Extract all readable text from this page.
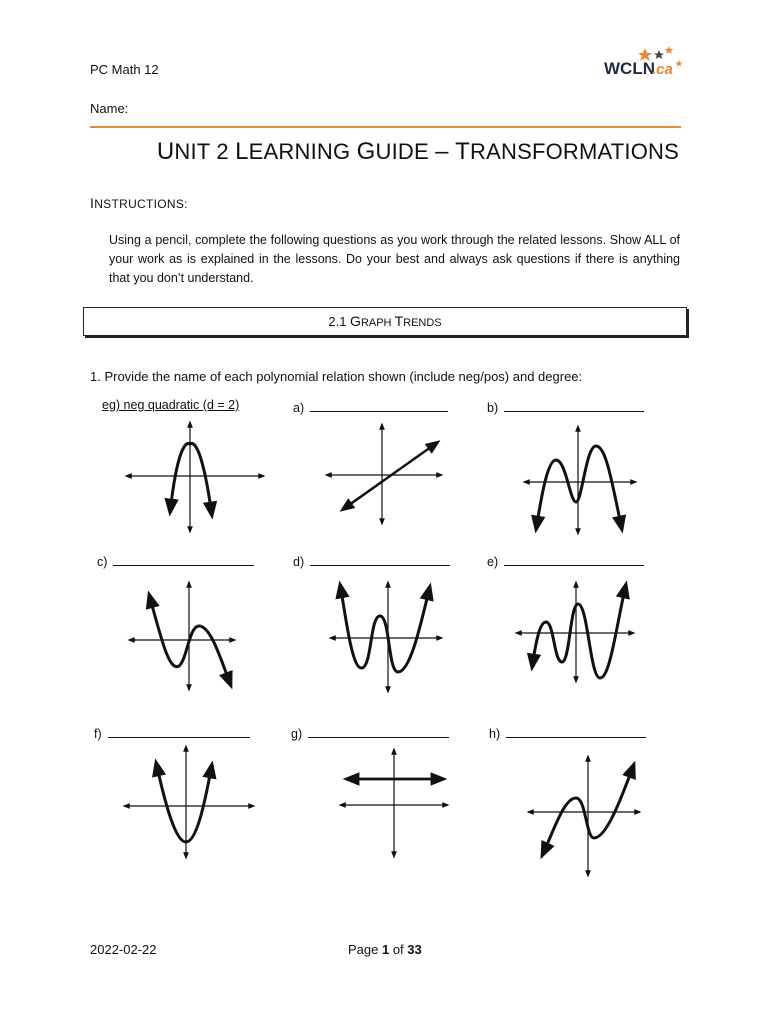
PC Math 12
Name:
WCLN
.ca
UNIT 2 LEARNING GUIDE – TRANSFORMATIONS
INSTRUCTIONS:
Using a pencil, complete the following questions as you work through the related lessons. Show ALL of your work as is explained in the lessons. Do your best and always ask questions if there is anything that you don’t understand.
2.1 GRAPH TRENDS
1. Provide the name of each polynomial relation shown (include neg/pos) and degree:
eg) neg quadratic (d = 2)	a)	b)
c)	d)	e)
f)	g)	h)
2022-02-22	Page 1 of 33
